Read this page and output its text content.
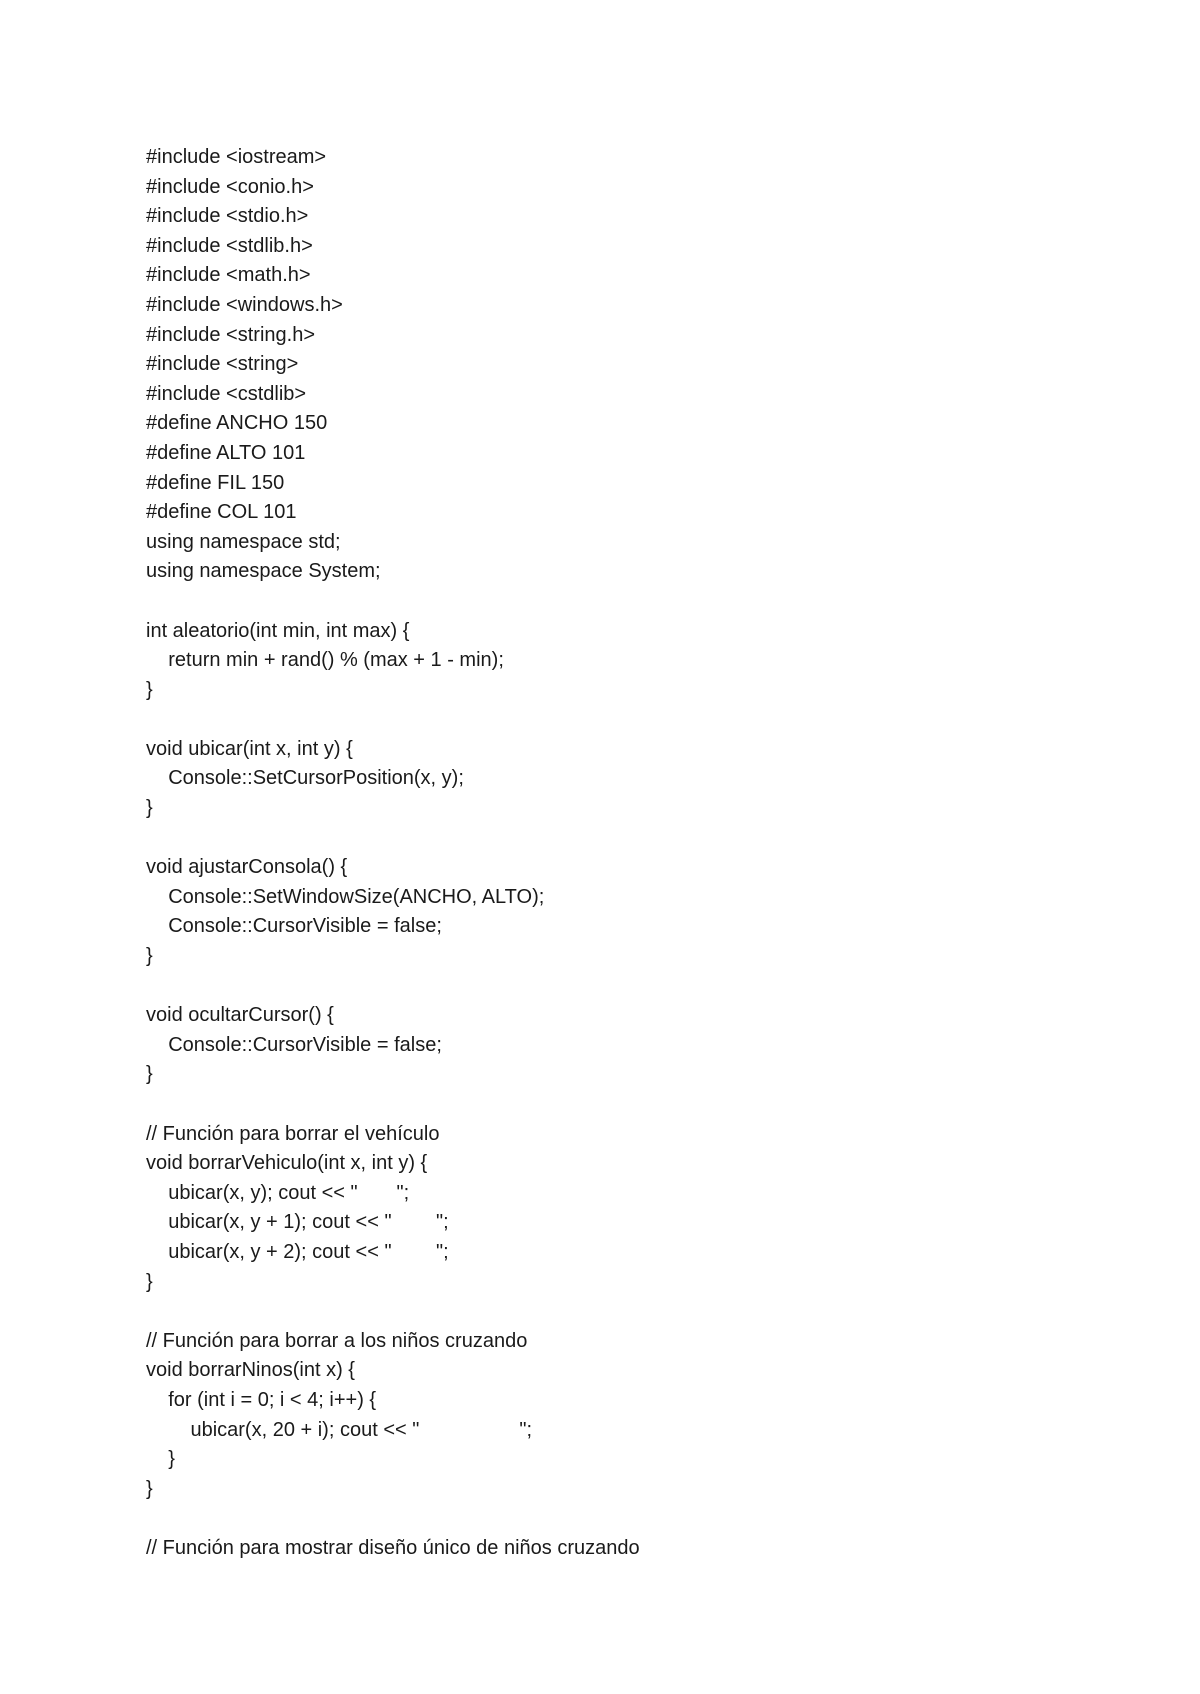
#include <iostream>
#include <conio.h>
#include <stdio.h>
#include <stdlib.h>
#include <math.h>
#include <windows.h>
#include <string.h>
#include <string>
#include <cstdlib>
#define ANCHO 150
#define ALTO 101
#define FIL 150
#define COL 101
using namespace std;
using namespace System;

int aleatorio(int min, int max) {
return min + rand() % (max + 1 - min);
}

void ubicar(int x, int y) {
Console::SetCursorPosition(x, y);
}

void ajustarConsola() {
Console::SetWindowSize(ANCHO, ALTO);
Console::CursorVisible = false;
}

void ocultarCursor() {
Console::CursorVisible = false;
}

// Función para borrar el vehículo
void borrarVehiculo(int x, int y) {
ubicar(x, y); cout << "       ";
ubicar(x, y + 1); cout << "        ";
ubicar(x, y + 2); cout << "        ";
}

// Función para borrar a los niños cruzando
void borrarNinos(int x) {
for (int i = 0; i < 4; i++) {
ubicar(x, 20 + i); cout << "                  ";
}
}

// Función para mostrar diseño único de niños cruzando
